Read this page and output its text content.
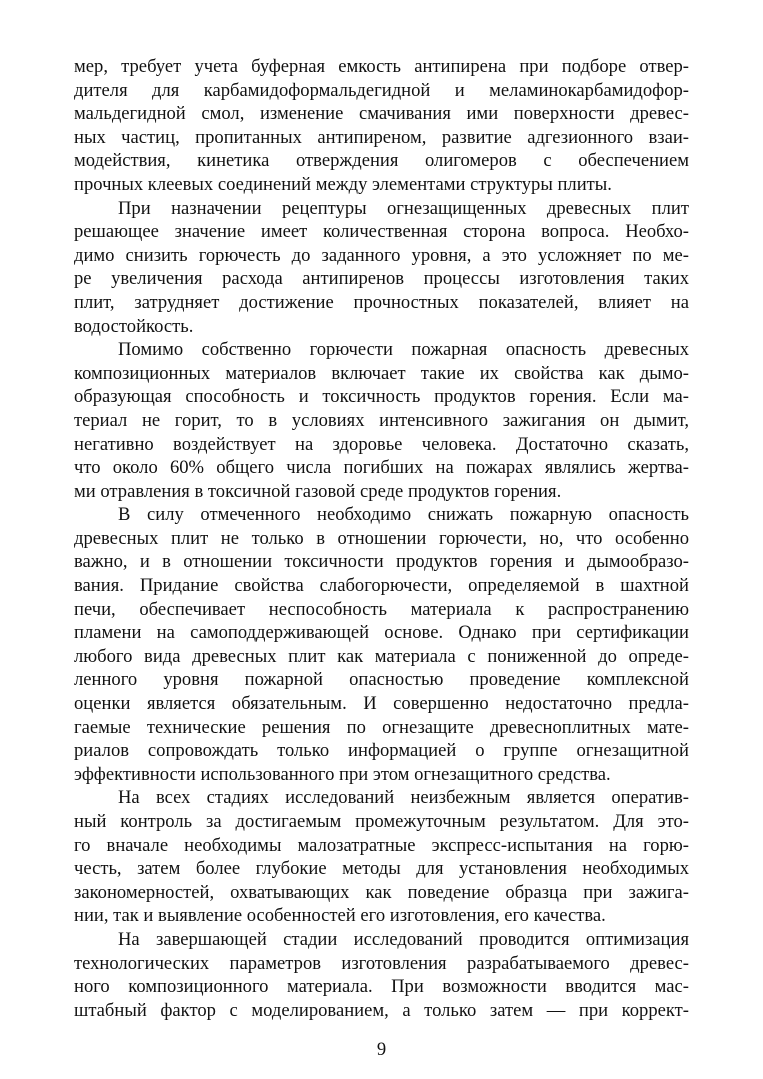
мер, требует учета буферная емкость антипирена при подборе отвер-
дителя для карбамидоформальдегидной и меламинокарбамидофор-
мальдегидной смол, изменение смачивания ими поверхности древес-
ных частиц, пропитанных антипиреном, развитие адгезионного взаи-
модействия, кинетика отверждения олигомеров с обеспечением
прочных клеевых соединений между элементами структуры плиты.

При назначении рецептуры огнезащищенных древесных плит
решающее значение имеет количественная сторона вопроса. Необхо-
димо снизить горючесть до заданного уровня, а это усложняет по ме-
ре увеличения расхода антипиренов процессы изготовления таких
плит, затрудняет достижение прочностных показателей, влияет на
водостойкость.

Помимо собственно горючести пожарная опасность древесных
композиционных материалов включает такие их свойства как дымо-
образующая способность и токсичность продуктов горения. Если ма-
териал не горит, то в условиях интенсивного зажигания он дымит,
негативно воздействует на здоровье человека. Достаточно сказать,
что около 60% общего числа погибших на пожарах являлись жертва-
ми отравления в токсичной газовой среде продуктов горения.

В силу отмеченного необходимо снижать пожарную опасность
древесных плит не только в отношении горючести, но, что особенно
важно, и в отношении токсичности продуктов горения и дымообразо-
вания. Придание свойства слабогорючести, определяемой в шахтной
печи, обеспечивает неспособность материала к распространению
пламени на самоподдерживающей основе. Однако при сертификации
любого вида древесных плит как материала с пониженной до опреде-
ленного уровня пожарной опасностью проведение комплексной
оценки является обязательным. И совершенно недостаточно предла-
гаемые технические решения по огнезащите древесноплитных мате-
риалов сопровождать только информацией о группе огнезащитной
эффективности использованного при этом огнезащитного средства.

На всех стадиях исследований неизбежным является оператив-
ный контроль за достигаемым промежуточным результатом. Для это-
го вначале необходимы малозатратные экспресс-испытания на горю-
честь, затем более глубокие методы для установления необходимых
закономерностей, охватывающих как поведение образца при зажига-
нии, так и выявление особенностей его изготовления, его качества.

На завершающей стадии исследований проводится оптимизация
технологических параметров изготовления разрабатываемого древес-
ного композиционного материала. При возможности вводится мас-
штабный фактор с моделированием, а только затем — при коррект-

9
